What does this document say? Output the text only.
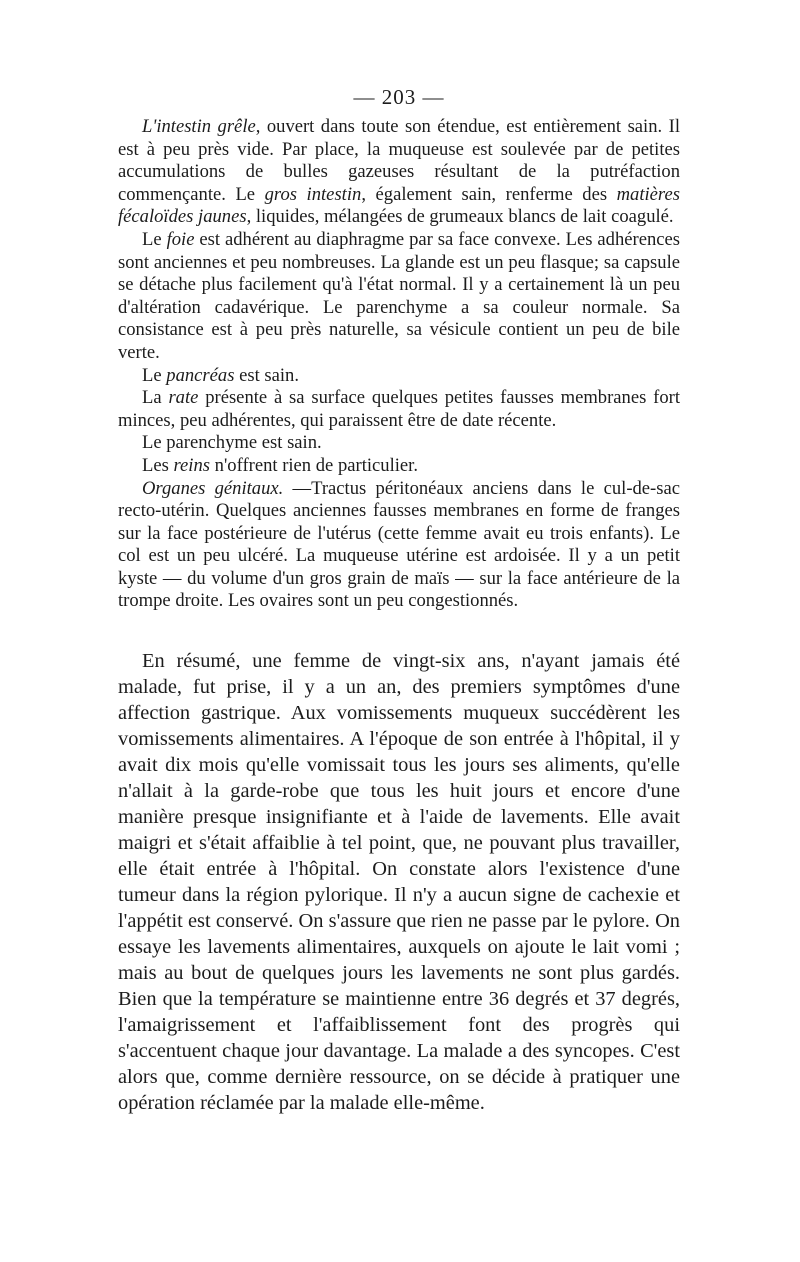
— 203 —

L'intestin grêle, ouvert dans toute son étendue, est entièrement sain. Il est à peu près vide. Par place, la muqueuse est soulevée par de petites accumulations de bulles gazeuses résultant de la putréfaction commençante. Le gros intestin, également sain, renferme des matières fécaloïdes jaunes, liquides, mélangées de grumeaux blancs de lait coagulé.

Le foie est adhérent au diaphragme par sa face convexe. Les adhérences sont anciennes et peu nombreuses. La glande est un peu flasque; sa capsule se détache plus facilement qu'à l'état normal. Il y a certainement là un peu d'altération cadavérique. Le parenchyme a sa couleur normale. Sa consistance est à peu près naturelle, sa vésicule contient un peu de bile verte.

Le pancréas est sain.

La rate présente à sa surface quelques petites fausses membranes fort minces, peu adhérentes, qui paraissent être de date récente.

Le parenchyme est sain.

Les reins n'offrent rien de particulier.

Organes génitaux. —Tractus péritonéaux anciens dans le cul-de-sac recto-utérin. Quelques anciennes fausses membranes en forme de franges sur la face postérieure de l'utérus (cette femme avait eu trois enfants). Le col est un peu ulcéré. La muqueuse utérine est ardoisée. Il y a un petit kyste — du volume d'un gros grain de maïs — sur la face antérieure de la trompe droite. Les ovaires sont un peu congestionnés.

En résumé, une femme de vingt-six ans, n'ayant jamais été malade, fut prise, il y a un an, des premiers symptômes d'une affection gastrique. Aux vomissements muqueux succédèrent les vomissements alimentaires. A l'époque de son entrée à l'hôpital, il y avait dix mois qu'elle vomissait tous les jours ses aliments, qu'elle n'allait à la garde-robe que tous les huit jours et encore d'une manière presque insignifiante et à l'aide de lavements. Elle avait maigri et s'était affaiblie à tel point, que, ne pouvant plus travailler, elle était entrée à l'hôpital. On constate alors l'existence d'une tumeur dans la région pylorique. Il n'y a aucun signe de cachexie et l'appétit est conservé. On s'assure que rien ne passe par le pylore. On essaye les lavements alimentaires, auxquels on ajoute le lait vomi ; mais au bout de quelques jours les lavements ne sont plus gardés. Bien que la température se maintienne entre 36 degrés et 37 degrés, l'amaigrissement et l'affaiblissement font des progrès qui s'accentuent chaque jour davantage. La malade a des syncopes. C'est alors que, comme dernière ressource, on se décide à pratiquer une opération réclamée par la malade elle-même.
